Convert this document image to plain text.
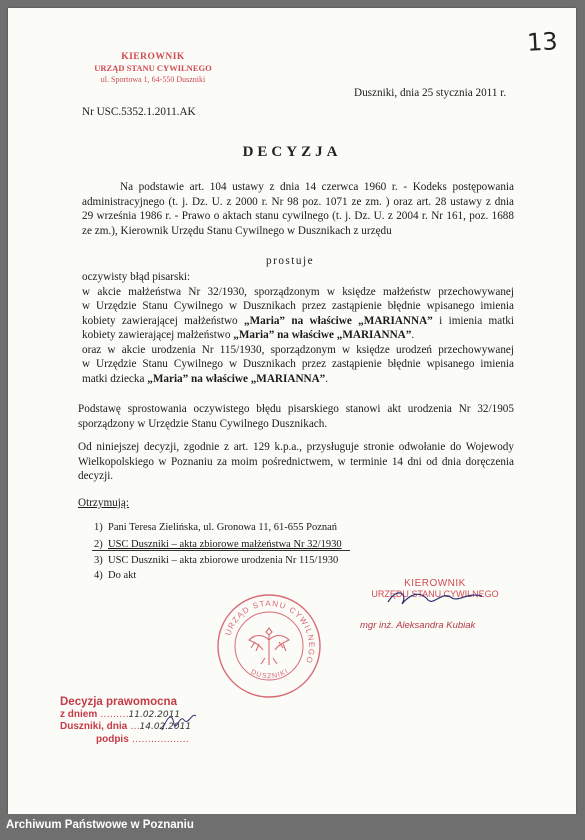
13
KIEROWNIK
URZĄD STANU CYWILNEGO
ul. Sportowa 1, 64-550 Duszniki
Duszniki, dnia 25 stycznia 2011 r.
Nr USC.5352.1.2011.AK
DECYZJA
Na podstawie art. 104 ustawy z dnia 14 czerwca 1960 r. - Kodeks postępowania
administracyjnego (t. j. Dz. U. z 2000 r. Nr 98 poz. 1071 ze zm. ) oraz art. 28 ustawy z dnia
29 września 1986 r. - Prawo o aktach stanu cywilnego (t. j. Dz. U. z 2004 r. Nr 161, poz. 1688
ze zm.), Kierownik Urzędu Stanu Cywilnego w Dusznikach z urzędu
prostuje
oczywisty błąd pisarski:
w akcie małżeństwa Nr 32/1930, sporządzonym w księdze małżeństw przechowywanej
w Urzędzie Stanu Cywilnego w Dusznikach przez zastąpienie błędnie wpisanego imienia
kobiety zawierającej małżeństwo „Maria” na właściwe „MARIANNA” i imienia matki
kobiety zawierającej małżeństwo „Maria” na właściwe „MARIANNA”.
oraz w akcie urodzenia Nr 115/1930, sporządzonym w księdze urodzeń przechowywanej
w Urzędzie Stanu Cywilnego w Dusznikach przez zastąpienie błędnie wpisanego imienia
matki dziecka „Maria” na właściwe „MARIANNA”.
Podstawę sprostowania oczywistego błędu pisarskiego stanowi akt urodzenia Nr 32/1905
sporządzony w Urzędzie Stanu Cywilnego Dusznikach.
Od niniejszej decyzji, zgodnie z art. 129 k.p.a., przysługuje stronie odwołanie do Wojewody
Wielkopolskiego w Poznaniu za moim pośrednictwem, w terminie 14 dni od dnia doręczenia
decyzji.
Otrzymują:
1) Pani Teresa Zielińska, ul. Gronowa 11, 61-655 Poznań
2) USC Duszniki – akta zbiorowe małżeństwa Nr 32/1930
3) USC Duszniki – akta zbiorowe urodzenia Nr 115/1930
4) Do akt
URZĄD STANU CYWILNEGO
DUSZNIKI
KIEROWNIK
URZĘDU STANU CYWILNEGO
mgr inż. Aleksandra Kubiak
Decyzja prawomocna
z dniem ………11.02.2011
Duszniki, dnia …14.02.2011
podpis ………………
Archiwum Państwowe w Poznaniu
